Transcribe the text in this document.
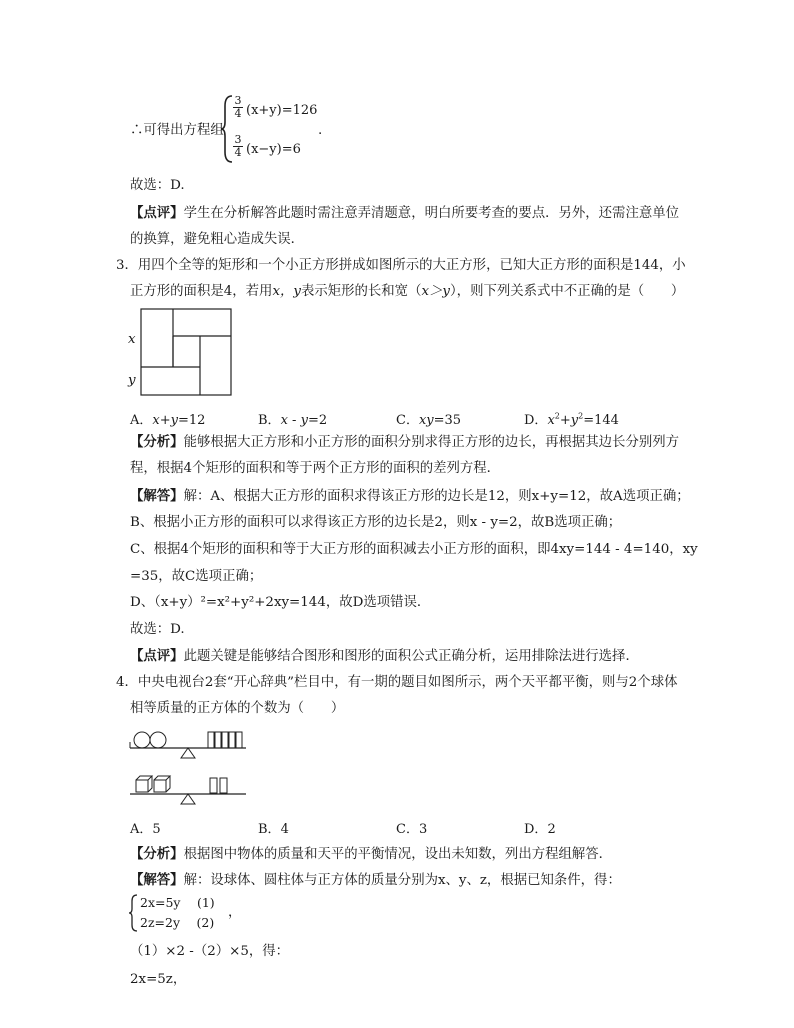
∴可得出方程组
3
4 (x+y)=126
3
4 (x−y)=6
.
故选：D.
【点评】学生在分析解答此题时需注意弄清题意，明白所要考查的要点．另外，还需注意单位
的换算，避免粗心造成失误．
3．用四个全等的矩形和一个小正方形拼成如图所示的大正方形，已知大正方形的面积是144，小
正方形的面积是4，若用x，y表示矩形的长和宽（x＞y），则下列关系式中不正确的是（　　）
x
y
A．x+y=12	B．x - y=2	C．xy=35	D．$x^2+y^2=144$
【分析】能够根据大正方形和小正方形的面积分别求得正方形的边长，再根据其边长分别列方
程，根据4个矩形的面积和等于两个正方形的面积的差列方程．
【解答】解：A、根据大正方形的面积求得该正方形的边长是12，则x+y=12，故A选项正确；
B、根据小正方形的面积可以求得该正方形的边长是2，则x - y=2，故B选项正确；
C、根据4个矩形的面积和等于大正方形的面积减去小正方形的面积，即4xy=144 - 4=140，xy
=35，故C选项正确；
D、（x+y）²=x²+y²+2xy=144，故D选项错误．
故选：D.
【点评】此题关键是能够结合图形和图形的面积公式正确分析，运用排除法进行选择．
4．中央电视台2套“开心辞典”栏目中，有一期的题目如图所示，两个天平都平衡，则与2个球体
相等质量的正方体的个数为（　　）
A．5	B．4	C．3	D．2
【分析】根据图中物体的质量和天平的平衡情况，设出未知数，列出方程组解答．
【解答】解：设球体、圆柱体与正方体的质量分别为x、y、z，根据已知条件，得：
2x=5y　 (1)
2z=2y　 (2)
，
（1）×2 -（2）×5，得：
2x=5z，
